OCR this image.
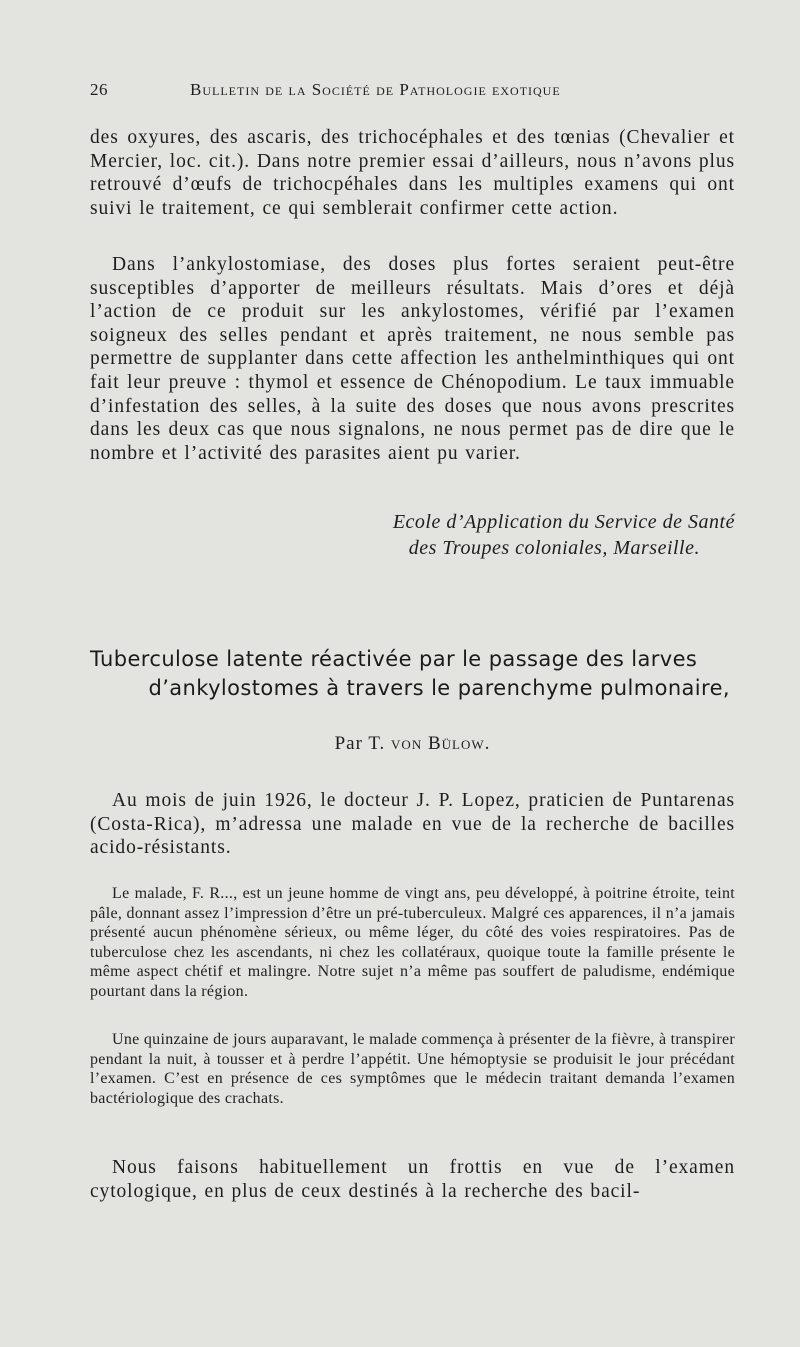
26	Bulletin de la Société de Pathologie exotique

des oxyures, des ascaris, des trichocéphales et des tœnias (Chevalier et Mercier, loc. cit.). Dans notre premier essai d’ailleurs, nous n’avons plus retrouvé d’œufs de trichocpéhales dans les multiples examens qui ont suivi le traitement, ce qui semblerait confirmer cette action.

Dans l’ankylostomiase, des doses plus fortes seraient peut-être susceptibles d’apporter de meilleurs résultats. Mais d’ores et déjà l’action de ce produit sur les ankylostomes, vérifié par l’examen soigneux des selles pendant et après traitement, ne nous semble pas permettre de supplanter dans cette affection les anthelminthiques qui ont fait leur preuve : thymol et essence de Chénopodium. Le taux immuable d’infestation des selles, à la suite des doses que nous avons prescrites dans les deux cas que nous signalons, ne nous permet pas de dire que le nombre et l’activité des parasites aient pu varier.

Ecole d’Application du Service de Santé
des Troupes coloniales, Marseille.
Tuberculose latente réactivée par le passage des larves
d’ankylostomes à travers le parenchyme pulmonaire,
Par T. von Bülow.

Au mois de juin 1926, le docteur J. P. Lopez, praticien de Puntarenas (Costa-Rica), m’adressa une malade en vue de la recherche de bacilles acido-résistants.

Le malade, F. R..., est un jeune homme de vingt ans, peu développé, à poitrine étroite, teint pâle, donnant assez l’impression d’être un pré-tuberculeux. Malgré ces apparences, il n’a jamais présenté aucun phénomène sérieux, ou même léger, du côté des voies respiratoires. Pas de tuberculose chez les ascendants, ni chez les collatéraux, quoique toute la famille présente le même aspect chétif et malingre. Notre sujet n’a même pas souffert de paludisme, endémique pourtant dans la région.

Une quinzaine de jours auparavant, le malade commença à présenter de la fièvre, à transpirer pendant la nuit, à tousser et à perdre l’appétit. Une hémoptysie se produisit le jour précédant l’examen. C’est en présence de ces symptômes que le médecin traitant demanda l’examen bactériologique des crachats.

Nous faisons habituellement un frottis en vue de l’examen cytologique, en plus de ceux destinés à la recherche des bacil-
